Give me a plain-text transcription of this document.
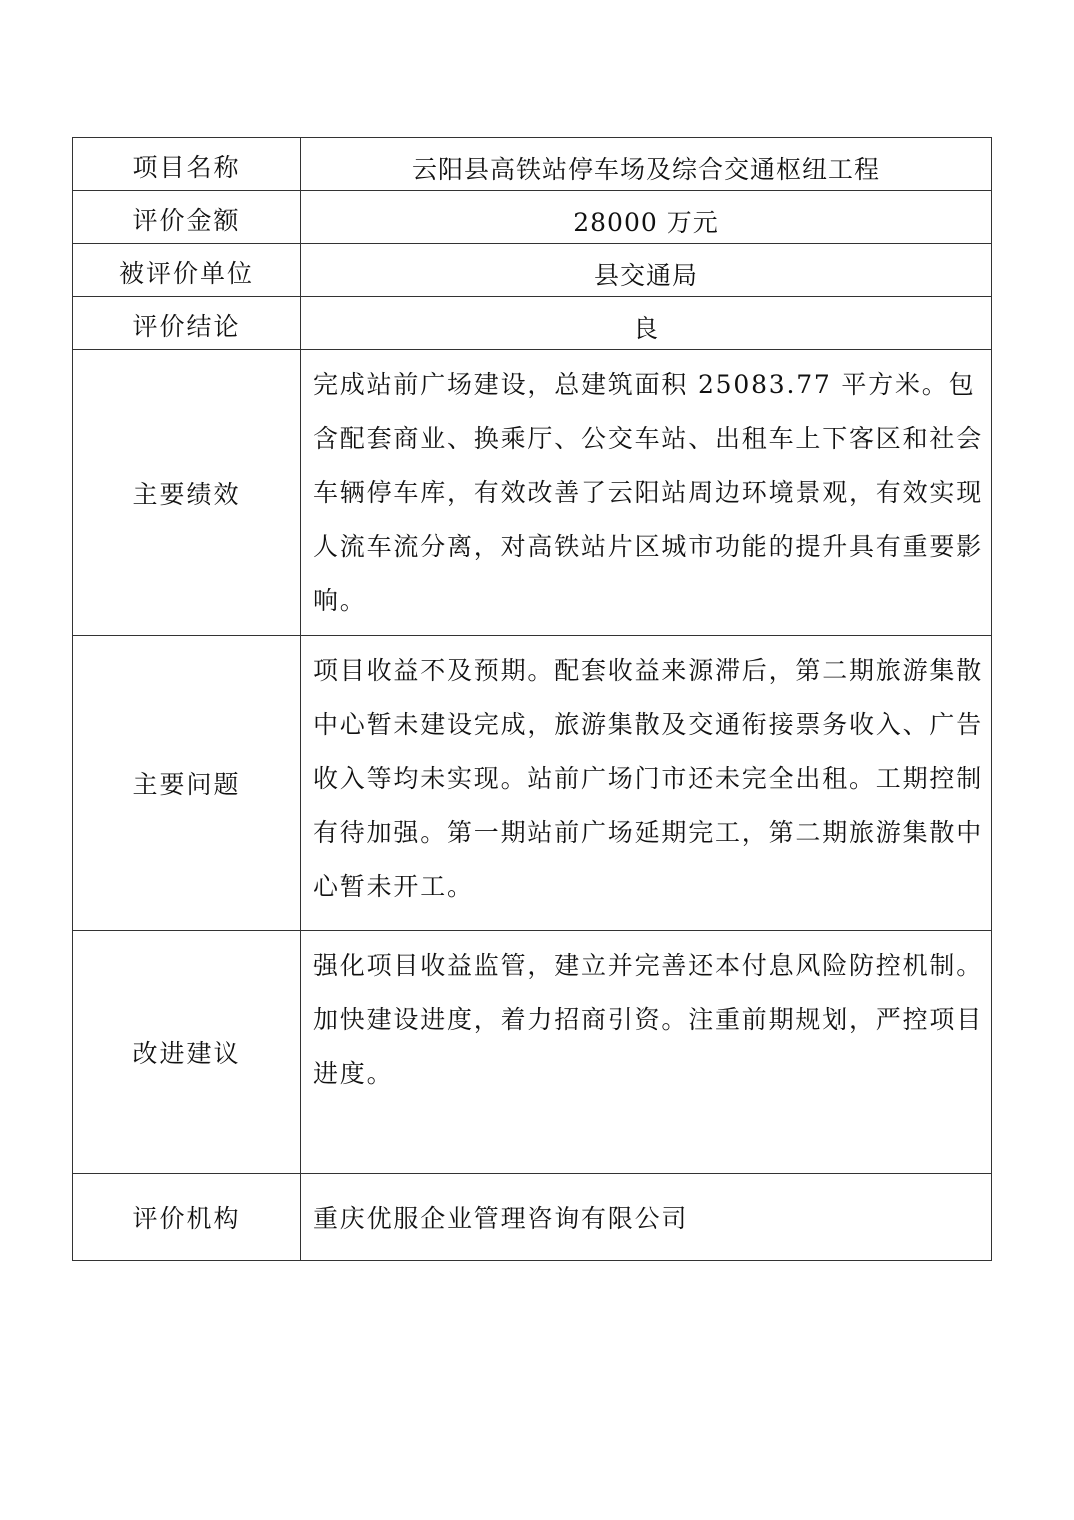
项目名称	云阳县高铁站停车场及综合交通枢纽工程
评价金额	28000 万元
被评价单位	县交通局
评价结论	良
主要绩效	完成站前广场建设，总建筑面积 25083.77 平方米。包含配套商业、换乘厅、公交车站、出租车上下客区和社会车辆停车库，有效改善了云阳站周边环境景观，有效实现人流车流分离，对高铁站片区城市功能的提升具有重要影响。
主要问题	项目收益不及预期。配套收益来源滞后，第二期旅游集散中心暂未建设完成，旅游集散及交通衔接票务收入、广告收入等均未实现。站前广场门市还未完全出租。工期控制有待加强。第一期站前广场延期完工，第二期旅游集散中心暂未开工。
改进建议	强化项目收益监管，建立并完善还本付息风险防控机制。加快建设进度，着力招商引资。注重前期规划，严控项目进度。
评价机构	重庆优服企业管理咨询有限公司
